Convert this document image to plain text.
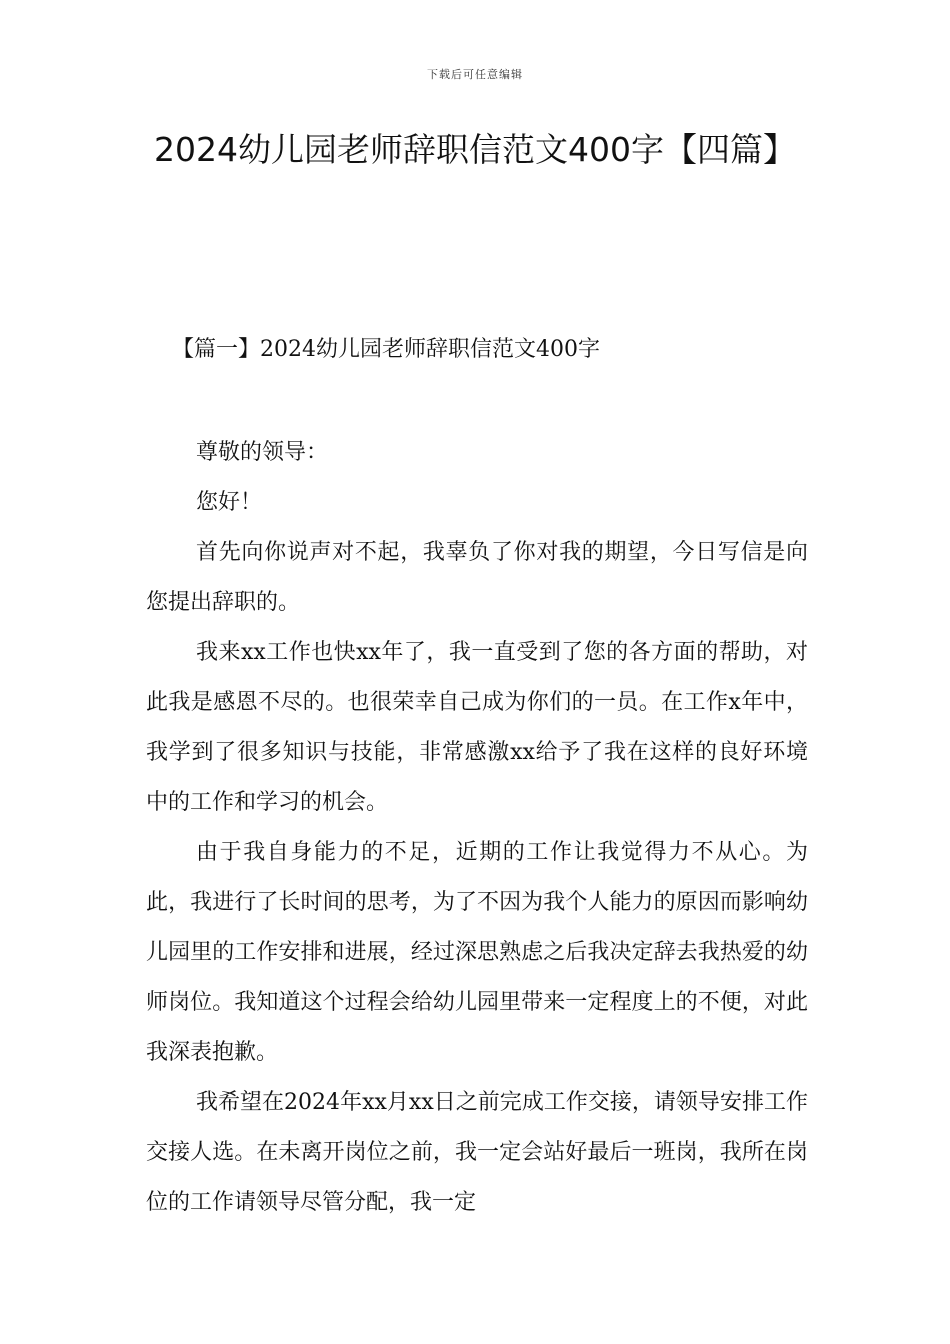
下载后可任意编辑
2024幼儿园老师辞职信范文400字【四篇】
【篇一】2024幼儿园老师辞职信范文400字

尊敬的领导：

您好！

首先向你说声对不起，我辜负了你对我的期望，今日写信是向您提出辞职的。

我来xx工作也快xx年了，我一直受到了您的各方面的帮助，对此我是感恩不尽的。也很荣幸自己成为你们的一员。在工作x年中，我学到了很多知识与技能，非常感激xx给予了我在这样的良好环境中的工作和学习的机会。

由于我自身能力的不足，近期的工作让我觉得力不从心。为此，我进行了长时间的思考，为了不因为我个人能力的原因而影响幼儿园里的工作安排和进展，经过深思熟虑之后我决定辞去我热爱的幼师岗位。我知道这个过程会给幼儿园里带来一定程度上的不便，对此我深表抱歉。

我希望在2024年xx月xx日之前完成工作交接，请领导安排工作交接人选。在未离开岗位之前，我一定会站好最后一班岗，我所在岗位的工作请领导尽管分配，我一定
